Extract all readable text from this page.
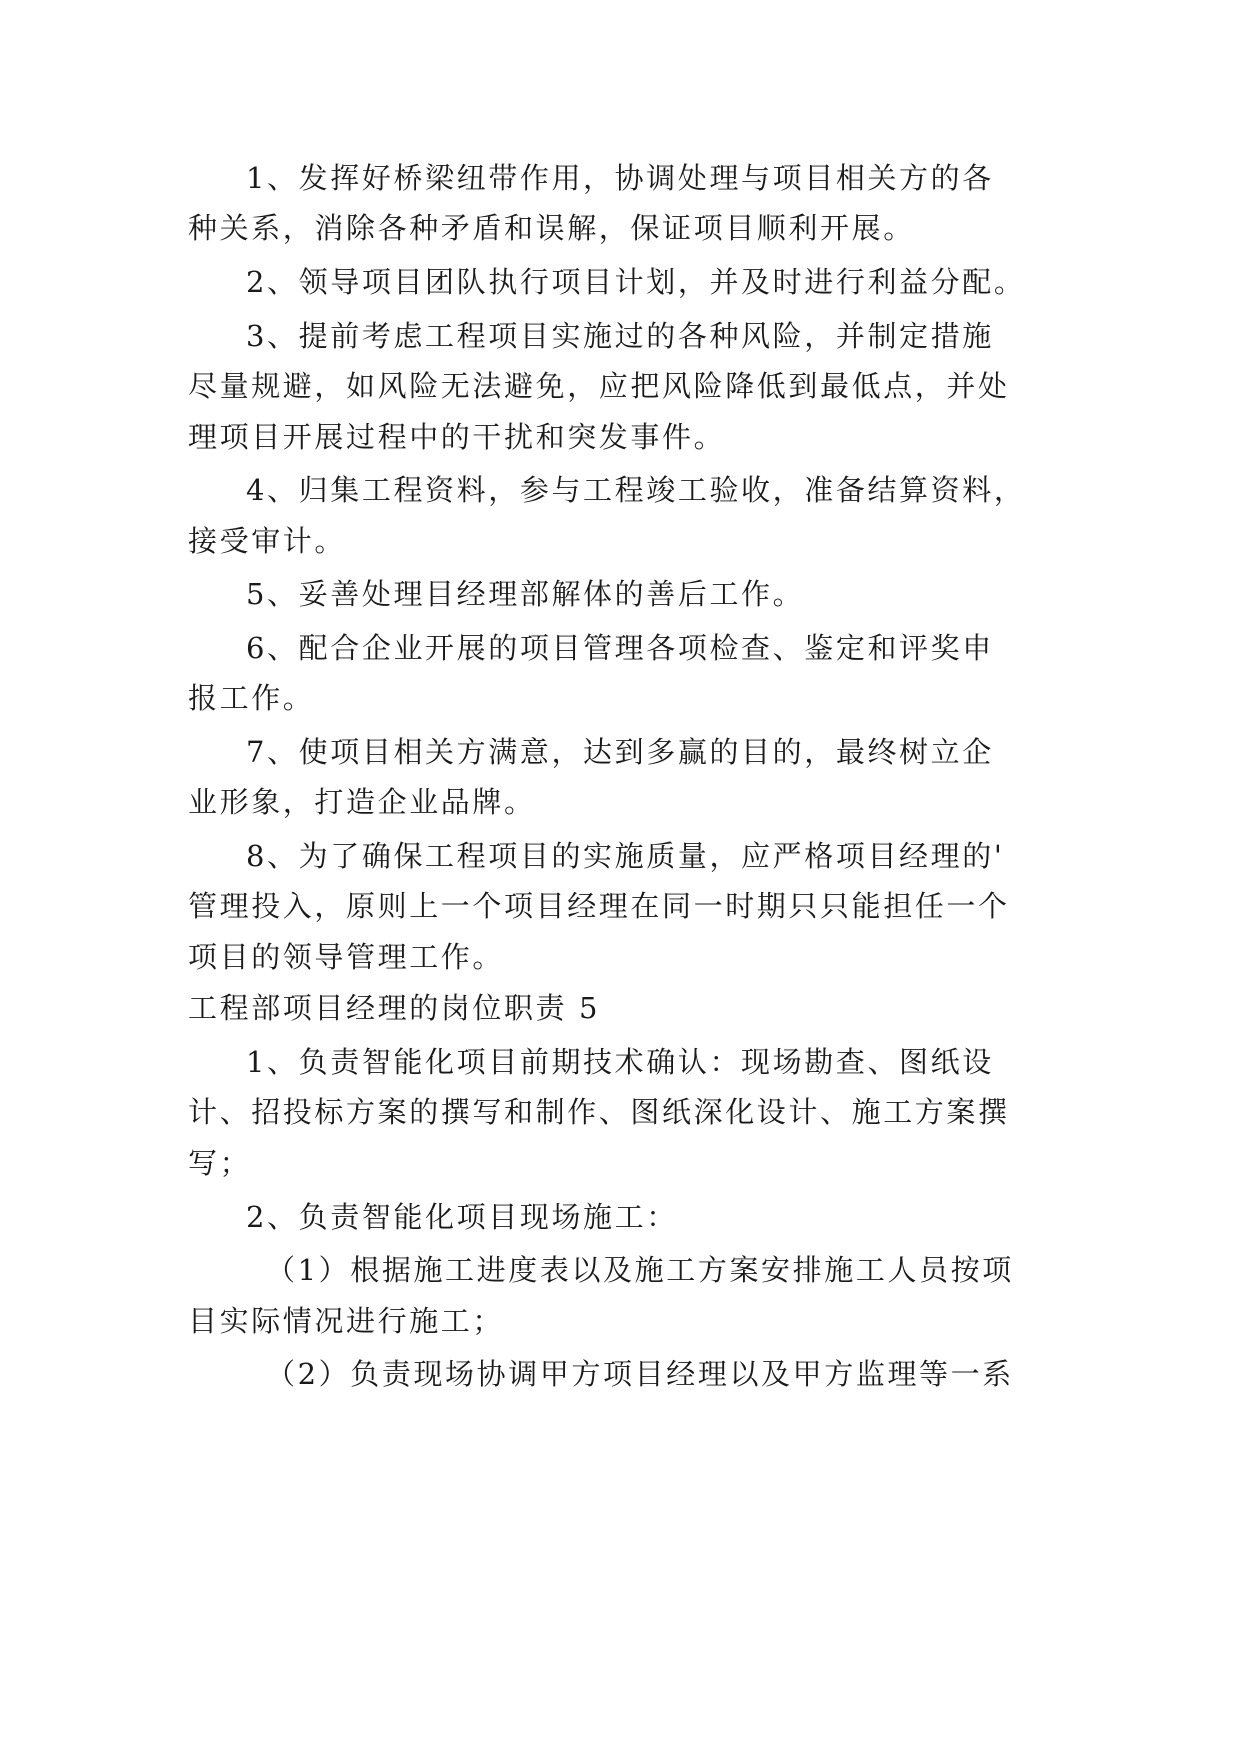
1、发挥好桥梁纽带作用，协调处理与项目相关方的各
种关系，消除各种矛盾和误解，保证项目顺利开展。
2、领导项目团队执行项目计划，并及时进行利益分配。
3、提前考虑工程项目实施过的各种风险，并制定措施
尽量规避，如风险无法避免，应把风险降低到最低点，并处
理项目开展过程中的干扰和突发事件。
4、归集工程资料，参与工程竣工验收，准备结算资料，
接受审计。
5、妥善处理目经理部解体的善后工作。
6、配合企业开展的项目管理各项检查、鉴定和评奖申
报工作。
7、使项目相关方满意，达到多赢的目的，最终树立企
业形象，打造企业品牌。
8、为了确保工程项目的实施质量，应严格项目经理的'
管理投入，原则上一个项目经理在同一时期只只能担任一个
项目的领导管理工作。
工程部项目经理的岗位职责 5
1、负责智能化项目前期技术确认：现场勘查、图纸设
计、招投标方案的撰写和制作、图纸深化设计、施工方案撰
写；
2、负责智能化项目现场施工：
（1）根据施工进度表以及施工方案安排施工人员按项
目实际情况进行施工；
（2）负责现场协调甲方项目经理以及甲方监理等一系
